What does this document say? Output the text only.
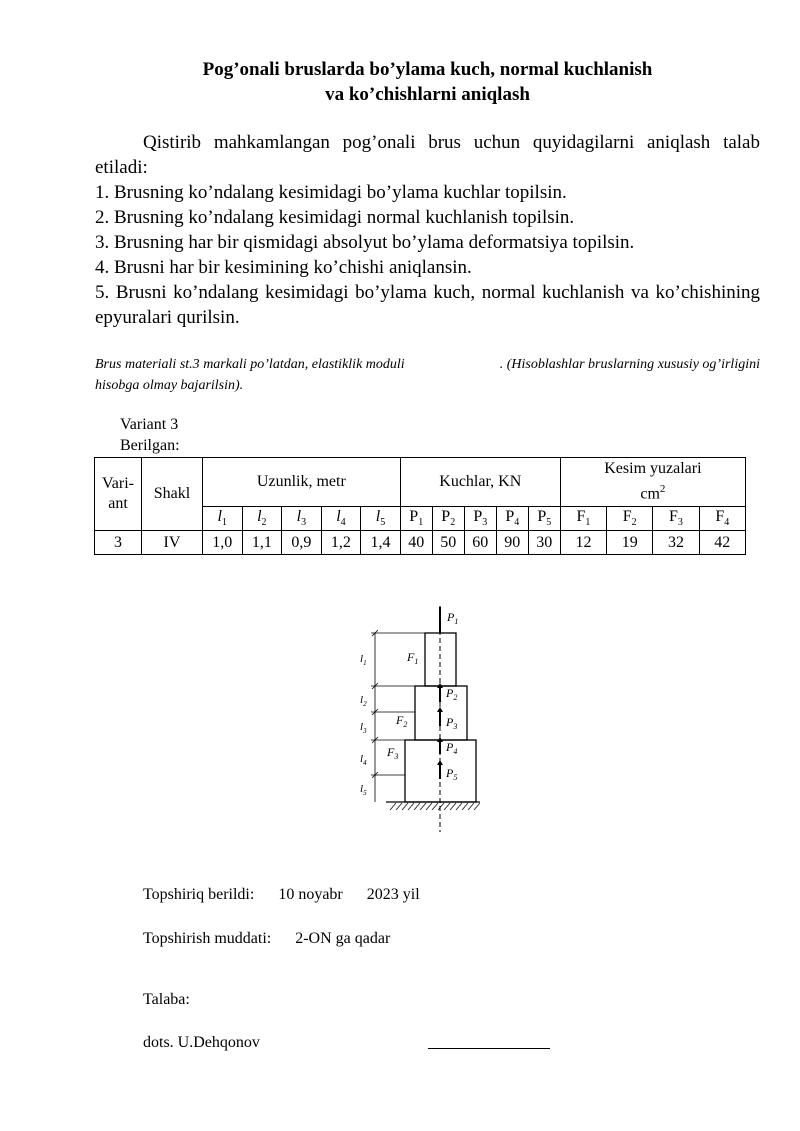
Pog’onali bruslarda bo’ylama kuch, normal kuchlanish
va ko’chishlarni aniqlash

Qistirib mahkamlangan pog’onali brus uchun quyidagilarni aniqlash talab etiladi:

1. Brusning ko’ndalang kesimidagi bo’ylama kuchlar topilsin.

2. Brusning ko’ndalang kesimidagi normal kuchlanish topilsin.

3. Brusning har bir qismidagi absolyut bo’ylama deformatsiya topilsin.

4. Brusni har bir kesimining ko’chishi aniqlansin.

5. Brusni ko’ndalang kesimidagi bo’ylama kuch, normal kuchlanish va ko’chishining epyuralari qurilsin.

Brus materiali st.3 markali po’latdan, elastiklik moduli	. (Hisoblashlar bruslarning xususiy og’irligini hisobga olmay bajarilsin).
Variant 3
Berilgan:
Vari-ant	Shakl	Uzunlik, metr					Kuchlar, KN					Kesim yuzalari
$cm^2$
		$l_1$	$l_2$	$l_3$	$l_4$	$l_5$	$P_1$	$P_2$	$P_3$	$P_4$	$P_5$	$F_1$	$F_2$	$F_3$	$F_4$
3	IV	1,0	1,1	0,9	1,2	1,4	40	50	60	90	30	12	19	32	42
$P_1$
$P_2$
$P_3$
$P_4$
$P_5$
$F_1$
$F_2$
$F_3$
$l_1$
$l_2$
$l_3$
$l_4$
$l_5$
Topshiriq berildi: 10 noyabr 2023 yil
Topshirish muddati: 2-ON ga qadar
Talaba:
dots. U.Dehqonov
